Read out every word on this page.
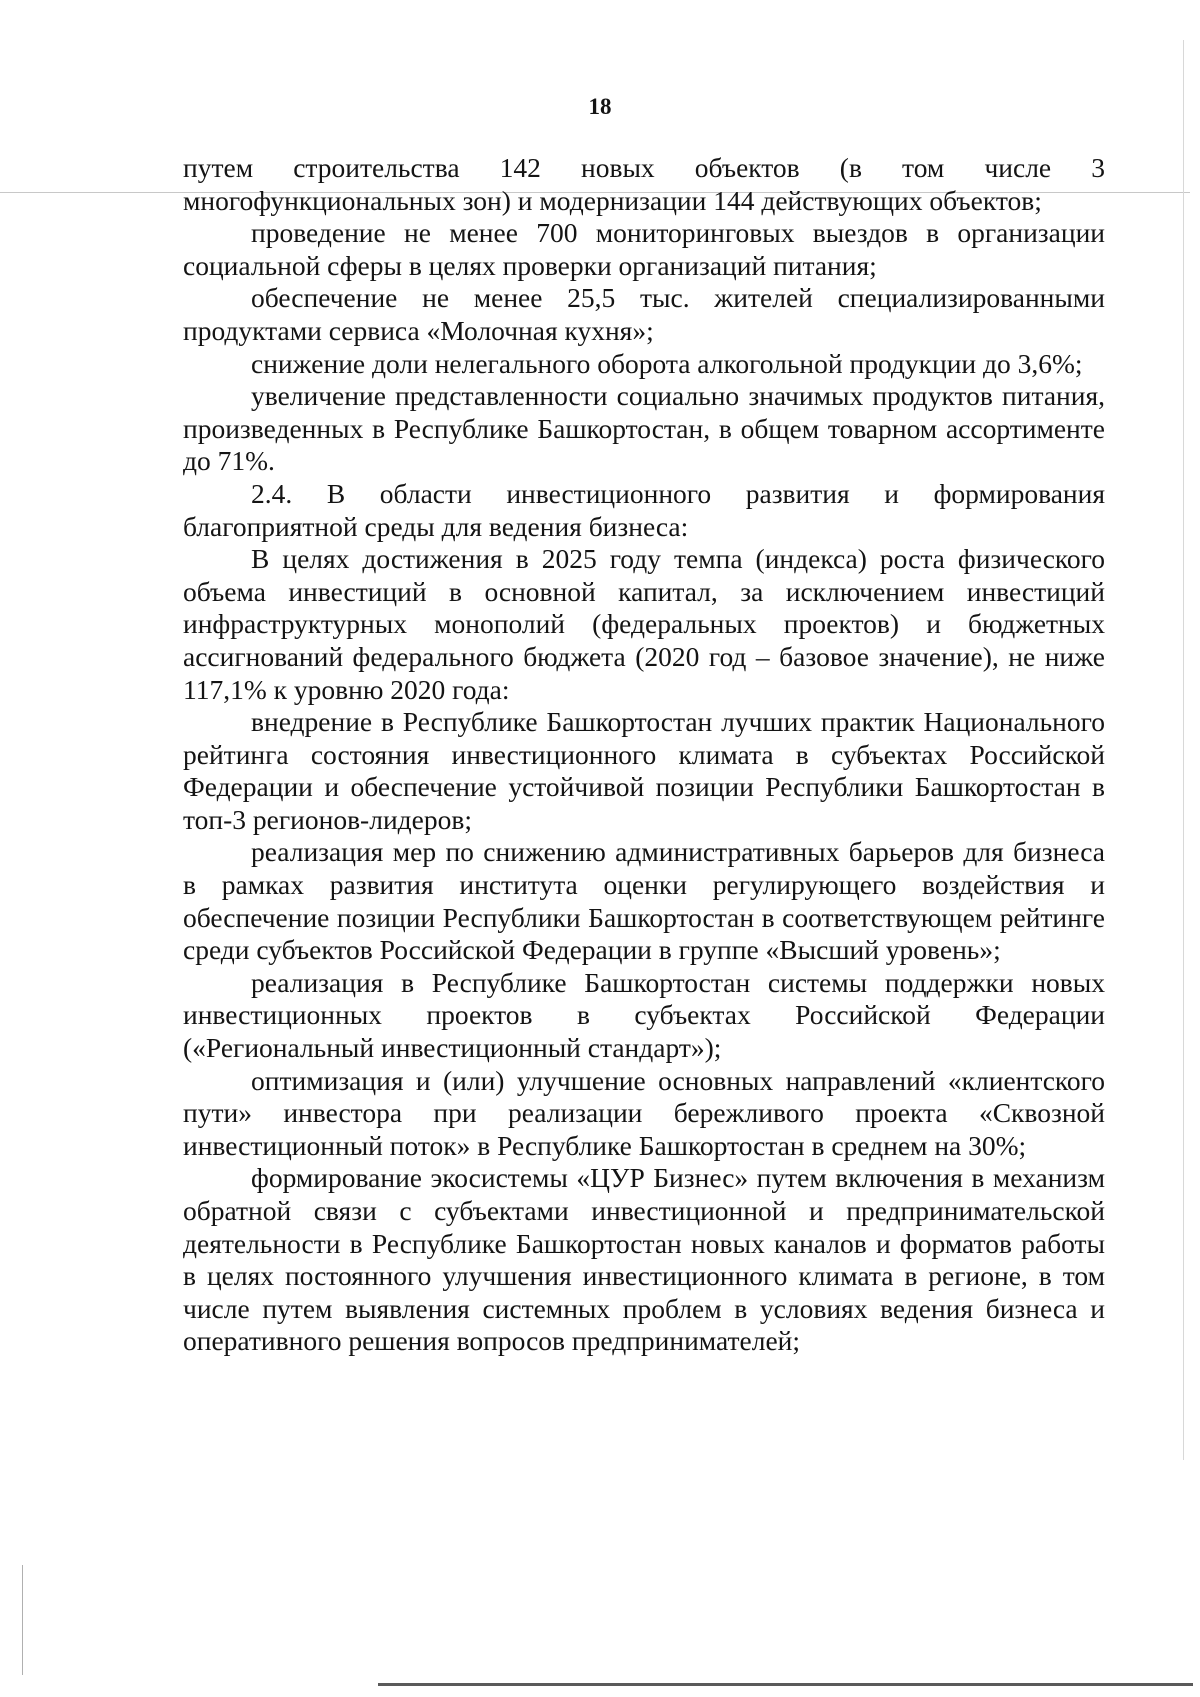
18

путем строительства 142 новых объектов (в том числе 3 многофункциональных зон) и модернизации 144 действующих объектов;

проведение не менее 700 мониторинговых выездов в организации социальной сферы в целях проверки организаций питания;

обеспечение не менее 25,5 тыс. жителей специализированными продуктами сервиса «Молочная кухня»;

снижение доли нелегального оборота алкогольной продукции до 3,6%;

увеличение представленности социально значимых продуктов питания, произведенных в Республике Башкортостан, в общем товарном ассортименте до 71%.

2.4. В области инвестиционного развития и формирования благоприятной среды для ведения бизнеса:

В целях достижения в 2025 году темпа (индекса) роста физического объема инвестиций в основной капитал, за исключением инвестиций инфраструктурных монополий (федеральных проектов) и бюджетных ассигнований федерального бюджета (2020 год – базовое значение), не ниже 117,1% к уровню 2020 года:

внедрение в Республике Башкортостан лучших практик Национального рейтинга состояния инвестиционного климата в субъектах Российской Федерации и обеспечение устойчивой позиции Республики Башкортостан в топ-3 регионов-лидеров;

реализация мер по снижению административных барьеров для бизнеса в рамках развития института оценки регулирующего воздействия и обеспечение позиции Республики Башкортостан в соответствующем рейтинге среди субъектов Российской Федерации в группе «Высший уровень»;

реализация в Республике Башкортостан системы поддержки новых инвестиционных проектов в субъектах Российской Федерации («Региональный инвестиционный стандарт»);

оптимизация и (или) улучшение основных направлений «клиентского пути» инвестора при реализации бережливого проекта «Сквозной инвестиционный поток» в Республике Башкортостан в среднем на 30%;

формирование экосистемы «ЦУР Бизнес» путем включения в механизм обратной связи с субъектами инвестиционной и предпринимательской деятельности в Республике Башкортостан новых каналов и форматов работы в целях постоянного улучшения инвестиционного климата в регионе, в том числе путем выявления системных проблем в условиях ведения бизнеса и оперативного решения вопросов предпринимателей;
